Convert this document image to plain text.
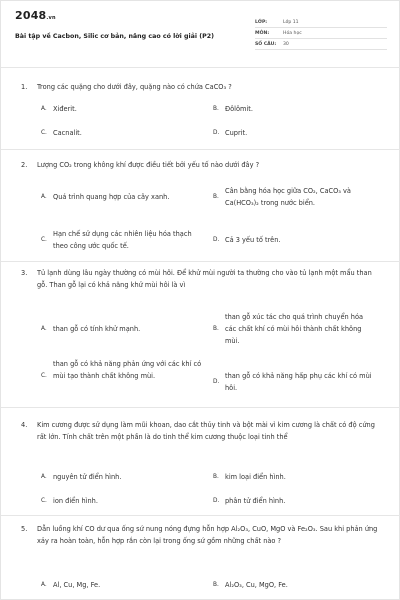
2048.vn
Bài tập về Cacbon, Silic cơ bản, nâng cao có lời giải (P2)
LỚP:	Lớp 11
MÔN:	Hóa học
SỐ CÂU:	30
1. Trong các quặng cho dưới đây, quặng nào có chứa CaCO₃ ?
A. Xiđerit.	B. Đôlômit.
C. Cacnalit.	D. Cuprit.
2. Lượng CO₂ trong không khí được điều tiết bởi yếu tố nào dưới đây ?
A. Quá trình quang hợp của cây xanh.	B.
Cân bằng hóa học giữa CO₂, CaCO₃ và Ca(HCO₃)₂ trong nước biển.
C.
Hạn chế sử dụng các nhiên liệu hóa thạch theo công ước quốc tế.
D. Cả 3 yếu tố trên.
3. Tủ lạnh dùng lâu ngày thường có mùi hôi. Để khử mùi người ta thường cho vào tủ lạnh một mẩu than gỗ. Than gỗ lại có khả năng khử mùi hôi là vì
A. than gỗ có tính khử mạnh.	B.
than gỗ xúc tác cho quá trình chuyển hóa các chất khí có mùi hôi thành chất không mùi.
C.
than gỗ có khả năng phản ứng với các khí có mùi tạo thành chất không mùi.
D.
than gỗ có khả năng hấp phụ các khí có mùi hôi.
4. Kim cương được sử dụng làm mũi khoan, dao cắt thủy tinh và bột mài vì kim cương là chất có độ cứng rất lớn. Tính chất trên một phần là do tinh thể kim cương thuộc loại tinh thể
A. nguyên tử điển hình.	B. kim loại điển hình.
C. ion điển hình.	D. phân tử điển hình.
5. Dẫn luồng khí CO dư qua ống sứ nung nóng đựng hỗn hợp Al₂O₃, CuO, MgO và Fe₂O₃. Sau khi phản ứng xảy ra hoàn toàn, hỗn hợp rắn còn lại trong ống sứ gồm những chất nào ?
A. Al, Cu, Mg, Fe.	B. Al₂O₃, Cu, MgO, Fe.
